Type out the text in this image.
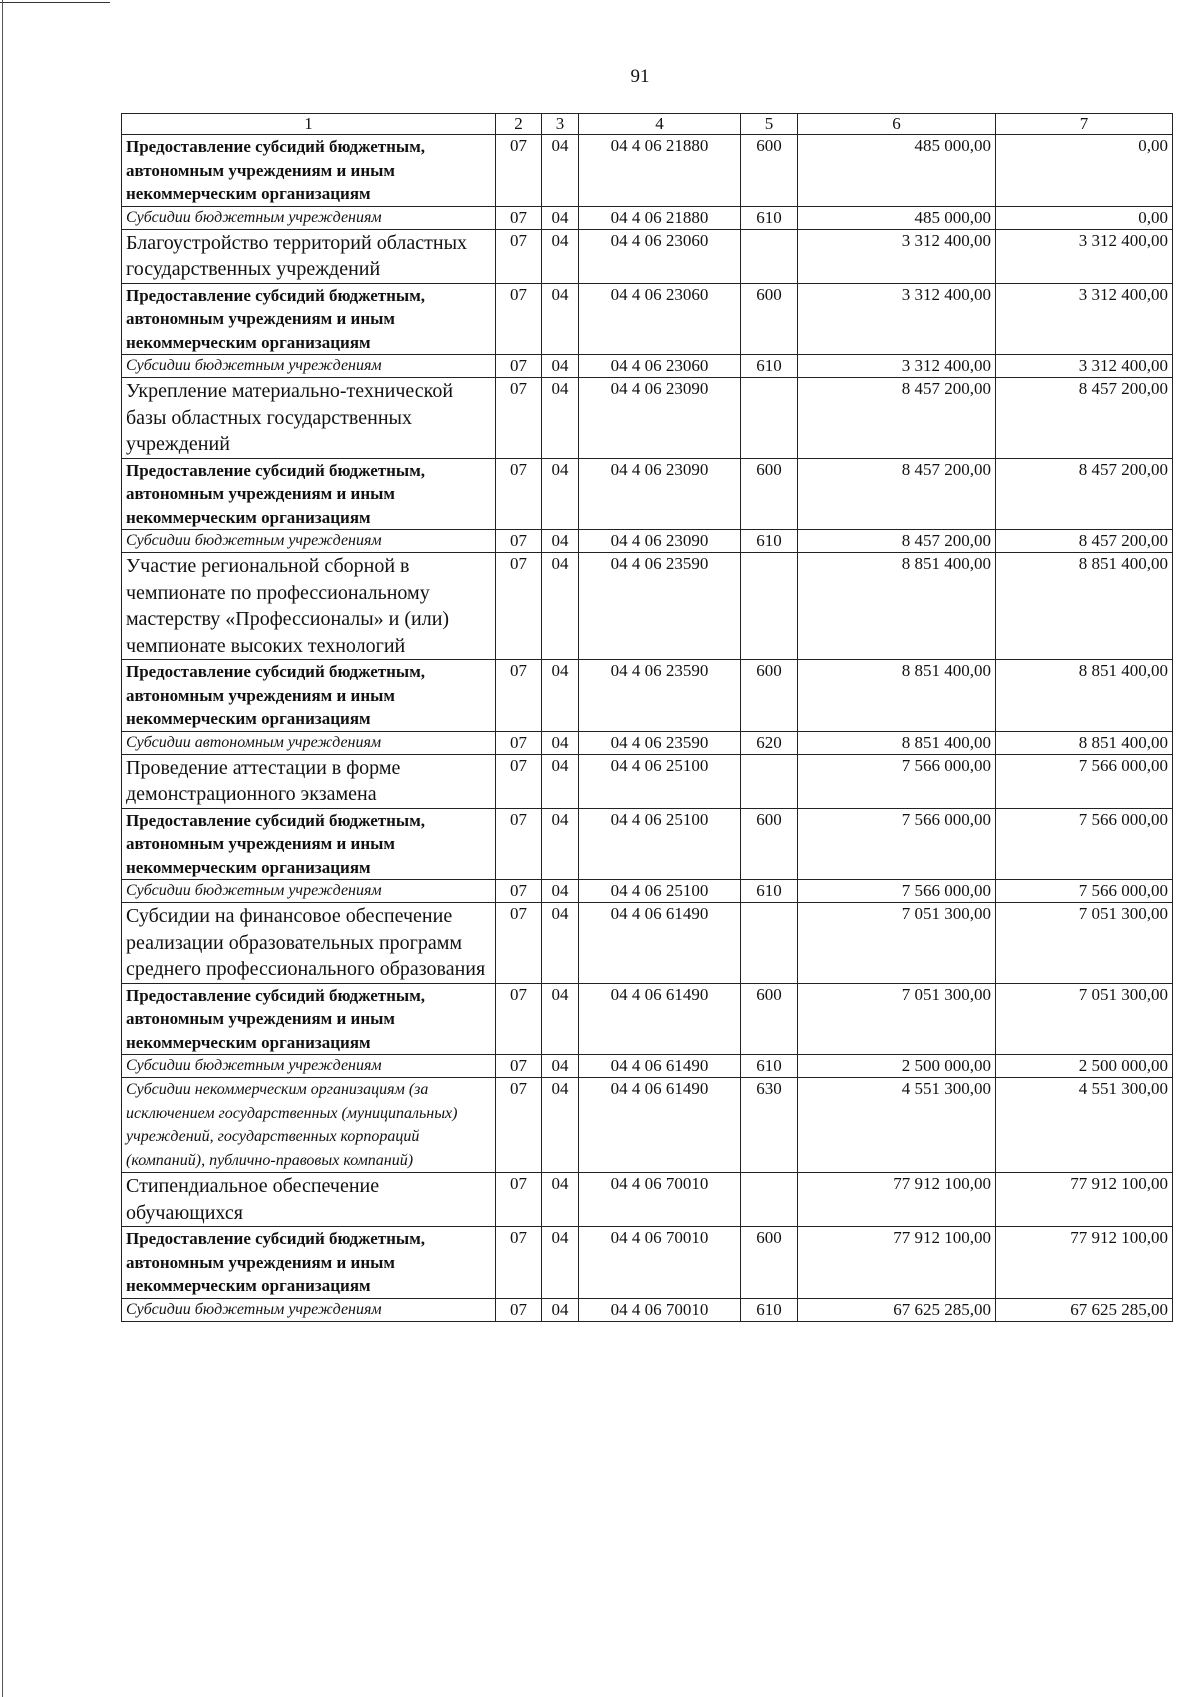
91
1	2	3	4	5	6	7
Предоставление субсидий бюджетным, автономным учреждениям и иным некоммерческим организациям	07	04	04 4 06 21880	600	485 000,00	0,00
Субсидии бюджетным учреждениям	07	04	04 4 06 21880	610	485 000,00	0,00
Благоустройство территорий областных государственных учреждений	07	04	04 4 06 23060		3 312 400,00	3 312 400,00
Предоставление субсидий бюджетным, автономным учреждениям и иным некоммерческим организациям	07	04	04 4 06 23060	600	3 312 400,00	3 312 400,00
Субсидии бюджетным учреждениям	07	04	04 4 06 23060	610	3 312 400,00	3 312 400,00
Укрепление материально-технической базы областных государственных учреждений	07	04	04 4 06 23090		8 457 200,00	8 457 200,00
Предоставление субсидий бюджетным, автономным учреждениям и иным некоммерческим организациям	07	04	04 4 06 23090	600	8 457 200,00	8 457 200,00
Субсидии бюджетным учреждениям	07	04	04 4 06 23090	610	8 457 200,00	8 457 200,00
Участие региональной сборной в чемпионате по профессиональному мастерству «Профессионалы» и (или) чемпионате высоких технологий	07	04	04 4 06 23590		8 851 400,00	8 851 400,00
Предоставление субсидий бюджетным, автономным учреждениям и иным некоммерческим организациям	07	04	04 4 06 23590	600	8 851 400,00	8 851 400,00
Субсидии автономным учреждениям	07	04	04 4 06 23590	620	8 851 400,00	8 851 400,00
Проведение аттестации в форме демонстрационного экзамена	07	04	04 4 06 25100		7 566 000,00	7 566 000,00
Предоставление субсидий бюджетным, автономным учреждениям и иным некоммерческим организациям	07	04	04 4 06 25100	600	7 566 000,00	7 566 000,00
Субсидии бюджетным учреждениям	07	04	04 4 06 25100	610	7 566 000,00	7 566 000,00
Субсидии на финансовое обеспечение реализации образовательных программ среднего профессионального образования	07	04	04 4 06 61490		7 051 300,00	7 051 300,00
Предоставление субсидий бюджетным, автономным учреждениям и иным некоммерческим организациям	07	04	04 4 06 61490	600	7 051 300,00	7 051 300,00
Субсидии бюджетным учреждениям	07	04	04 4 06 61490	610	2 500 000,00	2 500 000,00
Субсидии некоммерческим организациям (за исключением государственных (муниципальных) учреждений, государственных корпораций (компаний), публично-правовых компаний)	07	04	04 4 06 61490	630	4 551 300,00	4 551 300,00
Стипендиальное обеспечение обучающихся	07	04	04 4 06 70010		77 912 100,00	77 912 100,00
Предоставление субсидий бюджетным, автономным учреждениям и иным некоммерческим организациям	07	04	04 4 06 70010	600	77 912 100,00	77 912 100,00
Субсидии бюджетным учреждениям	07	04	04 4 06 70010	610	67 625 285,00	67 625 285,00
